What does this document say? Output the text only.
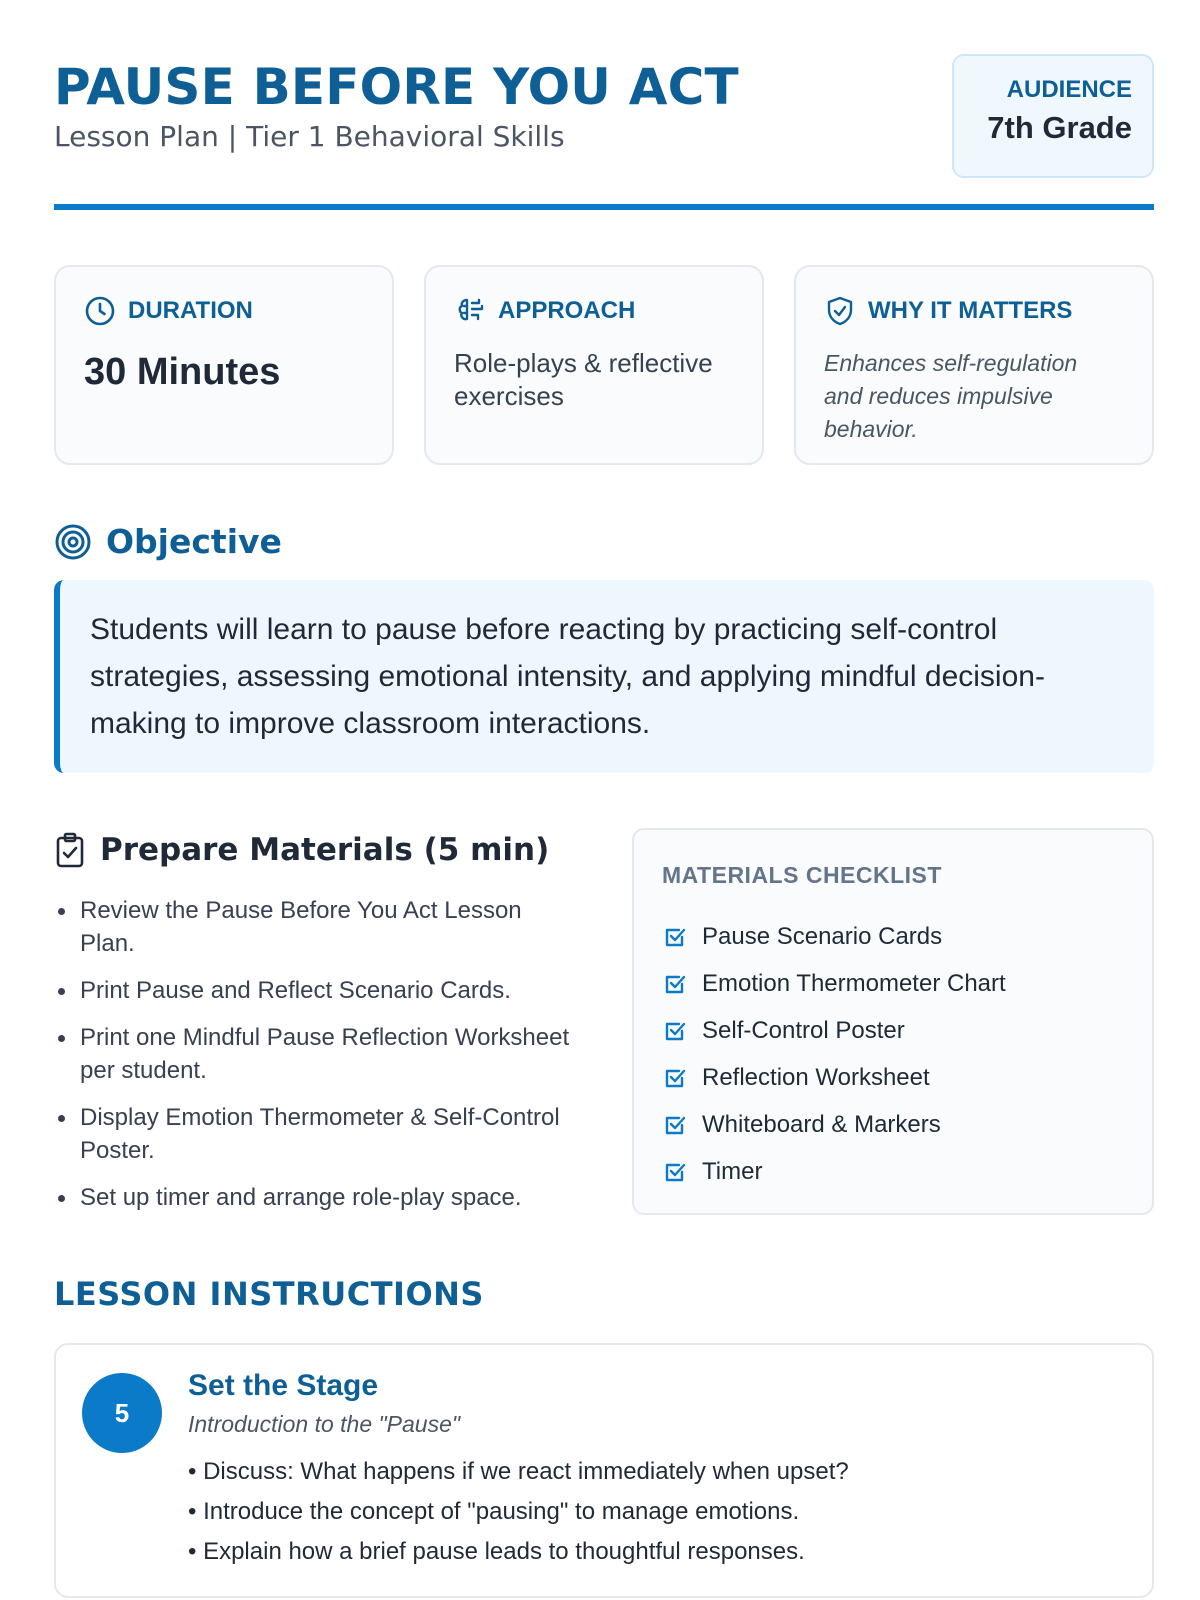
PAUSE BEFORE YOU ACT
Lesson Plan | Tier 1 Behavioral Skills
AUDIENCE
7th Grade
DURATION
30 Minutes
APPROACH
Role-plays & reflective exercises
WHY IT MATTERS
Enhances self-regulation and reduces impulsive behavior.
Objective
Students will learn to pause before reacting by practicing self-control strategies, assessing emotional intensity, and applying mindful decision-making to improve classroom interactions.
Prepare Materials (5 min)
Review the Pause Before You Act Lesson Plan.
Print Pause and Reflect Scenario Cards.
Print one Mindful Pause Reflection Worksheet per student.
Display Emotion Thermometer & Self-Control Poster.
Set up timer and arrange role-play space.
MATERIALS CHECKLIST
Pause Scenario Cards
Emotion Thermometer Chart
Self-Control Poster
Reflection Worksheet
Whiteboard & Markers
Timer
LESSON INSTRUCTIONS
5
Set the Stage
Introduction to the "Pause"
• Discuss: What happens if we react immediately when upset?
• Introduce the concept of "pausing" to manage emotions.
• Explain how a brief pause leads to thoughtful responses.
